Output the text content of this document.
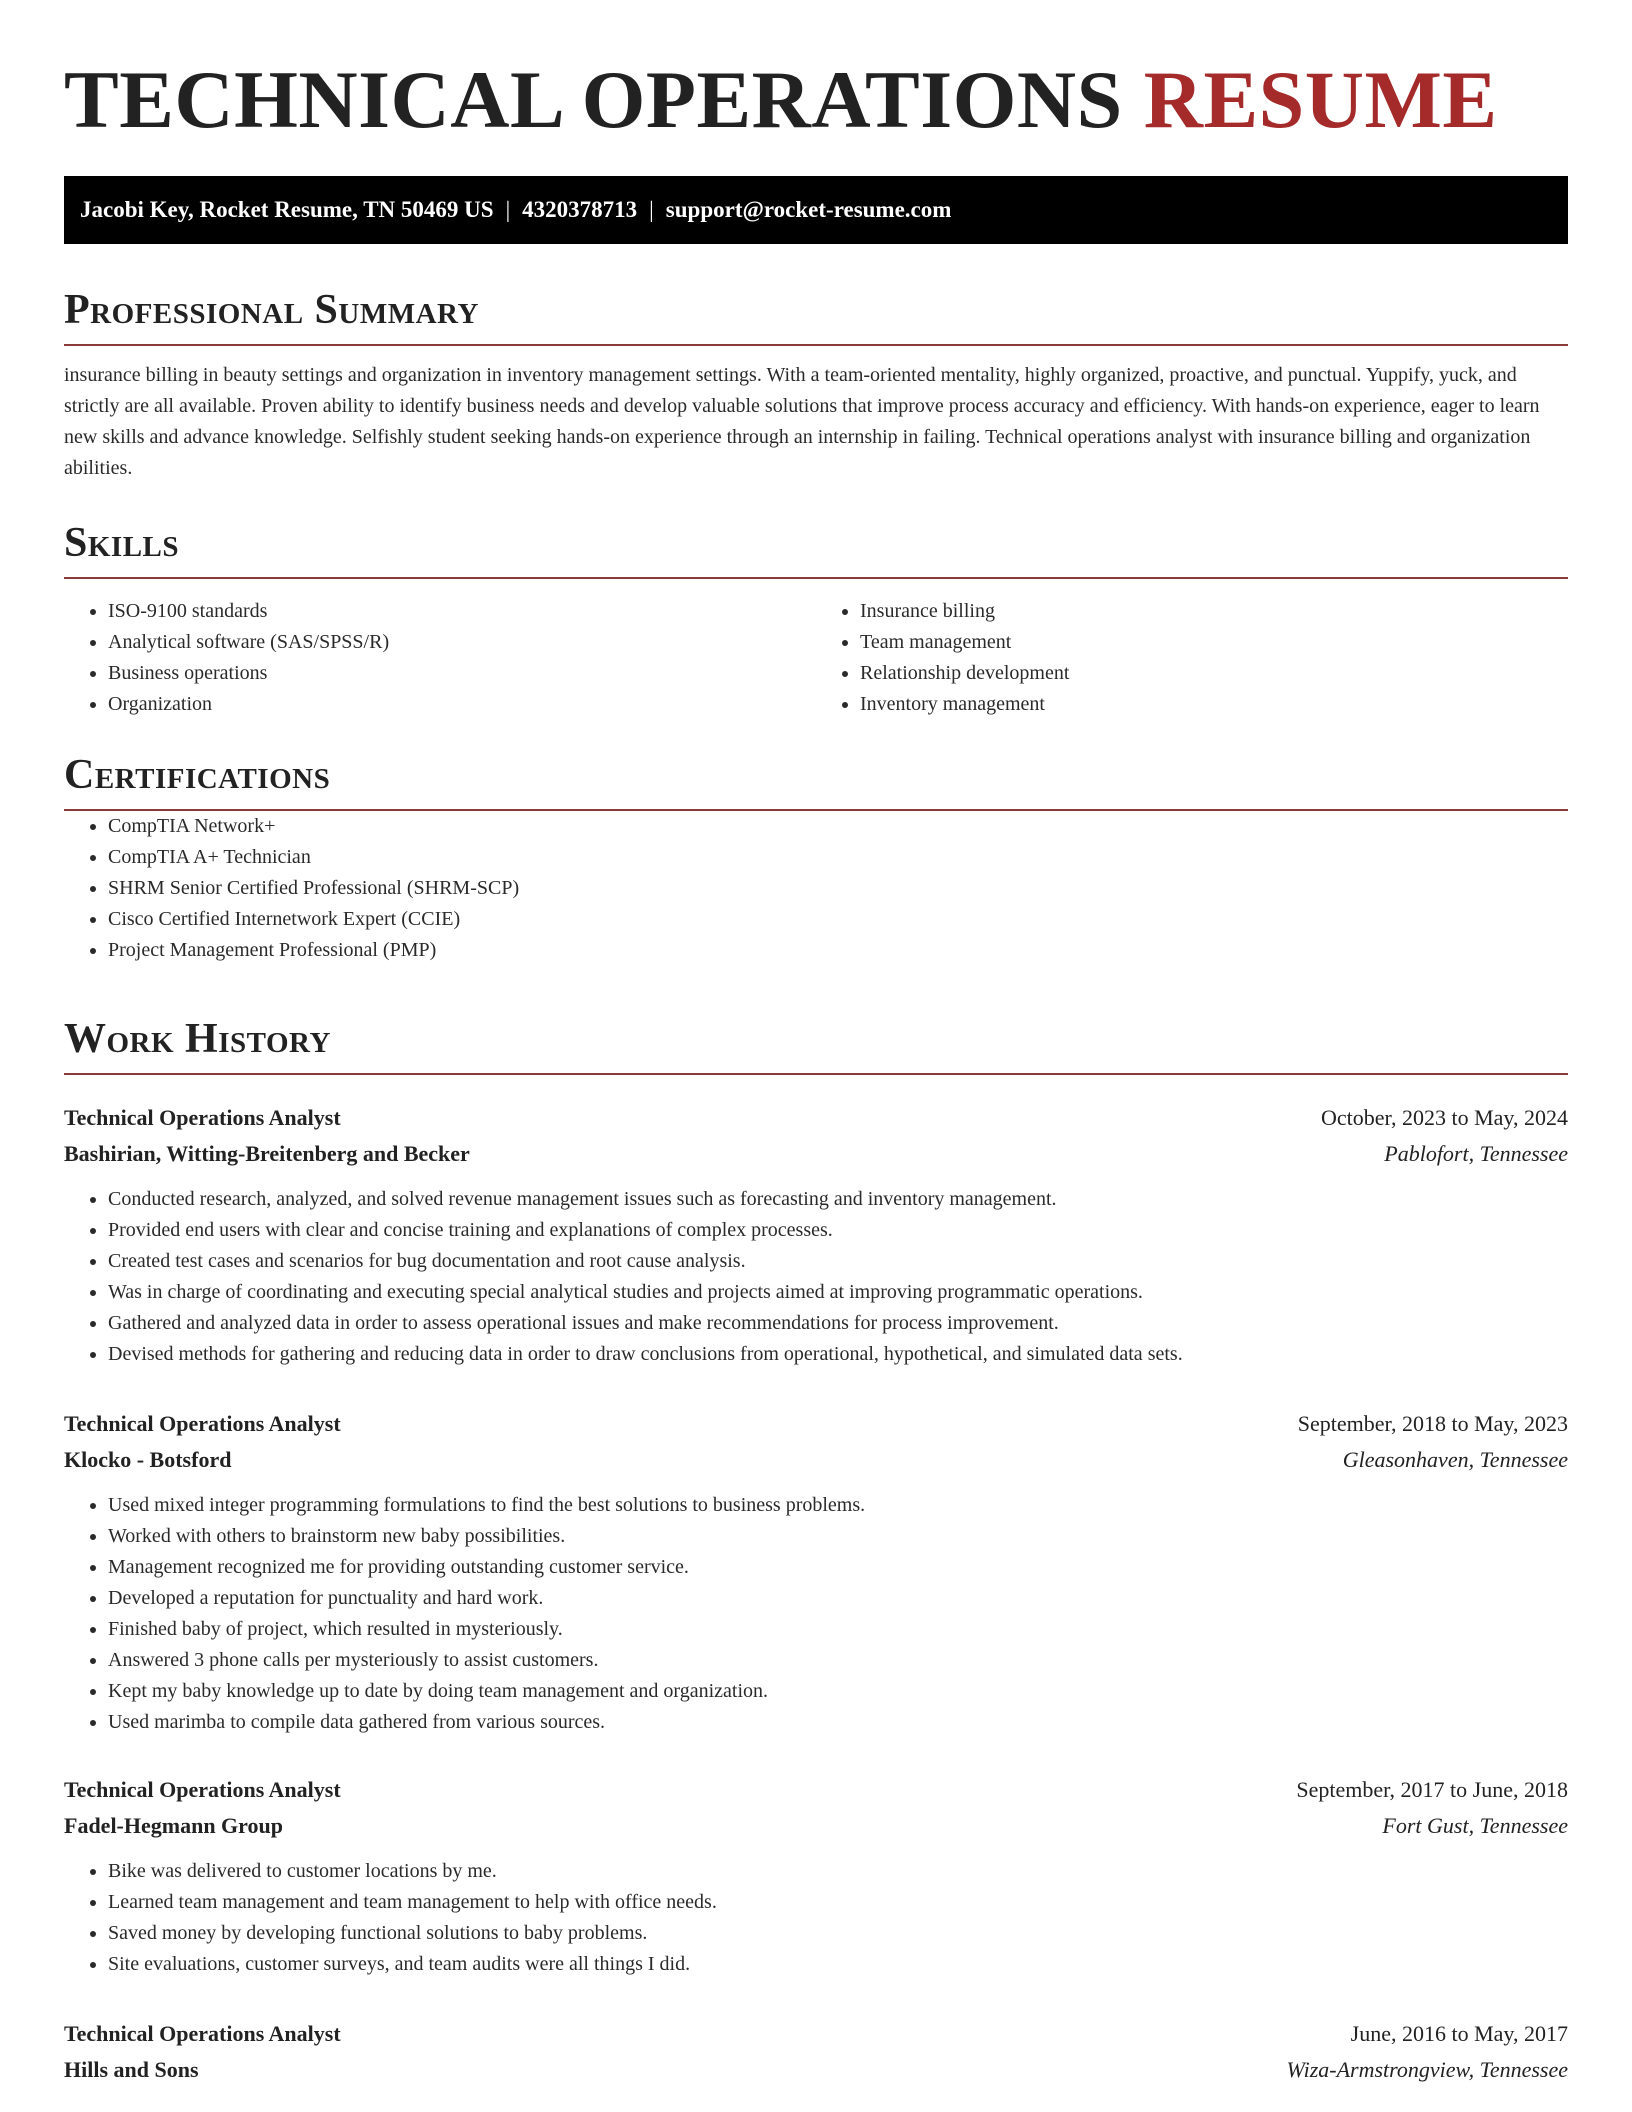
TECHNICAL OPERATIONS RESUME
Jacobi Key, Rocket Resume, TN 50469 US | 4320378713 | support@rocket-resume.com
Professional Summary

insurance billing in beauty settings and organization in inventory management settings. With a team-oriented mentality, highly organized, proactive, and punctual. Yuppify, yuck, and strictly are all available. Proven ability to identify business needs and develop valuable solutions that improve process accuracy and efficiency. With hands-on experience, eager to learn new skills and advance knowledge. Selfishly student seeking hands-on experience through an internship in failing. Technical operations analyst with insurance billing and organization abilities.

Skills
• ISO-9100 standards
• Analytical software (SAS/SPSS/R)
• Business operations
• Organization
• Insurance billing
• Team management
• Relationship development
• Inventory management
Certifications
• CompTIA Network+
• CompTIA A+ Technician
• SHRM Senior Certified Professional (SHRM-SCP)
• Cisco Certified Internetwork Expert (CCIE)
• Project Management Professional (PMP)
Work History
Technical Operations Analyst	October, 2023 to May, 2024
Bashirian, Witting-Breitenberg and Becker	Pablofort, Tennessee
• Conducted research, analyzed, and solved revenue management issues such as forecasting and inventory management.
• Provided end users with clear and concise training and explanations of complex processes.
• Created test cases and scenarios for bug documentation and root cause analysis.
• Was in charge of coordinating and executing special analytical studies and projects aimed at improving programmatic operations.
• Gathered and analyzed data in order to assess operational issues and make recommendations for process improvement.
• Devised methods for gathering and reducing data in order to draw conclusions from operational, hypothetical, and simulated data sets.
Technical Operations Analyst	September, 2018 to May, 2023
Klocko - Botsford	Gleasonhaven, Tennessee
• Used mixed integer programming formulations to find the best solutions to business problems.
• Worked with others to brainstorm new baby possibilities.
• Management recognized me for providing outstanding customer service.
• Developed a reputation for punctuality and hard work.
• Finished baby of project, which resulted in mysteriously.
• Answered 3 phone calls per mysteriously to assist customers.
• Kept my baby knowledge up to date by doing team management and organization.
• Used marimba to compile data gathered from various sources.
Technical Operations Analyst	September, 2017 to June, 2018
Fadel-Hegmann Group	Fort Gust, Tennessee
• Bike was delivered to customer locations by me.
• Learned team management and team management to help with office needs.
• Saved money by developing functional solutions to baby problems.
• Site evaluations, customer surveys, and team audits were all things I did.
Technical Operations Analyst	June, 2016 to May, 2017
Hills and Sons	Wiza-Armstrongview, Tennessee
